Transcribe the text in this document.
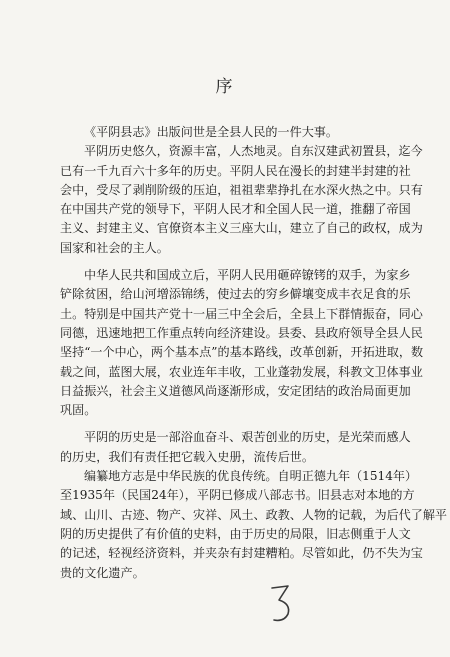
序
《平阴县志》出版问世是全县人民的一件大事。
平阴历史悠久，资源丰富，人杰地灵。自东汉建武初置县，迄今
已有一千九百六十多年的历史。平阴人民在漫长的封建半封建的社
会中，受尽了剥削阶级的压迫，祖祖辈辈挣扎在水深火热之中。只有
在中国共产党的领导下，平阴人民才和全国人民一道，推翻了帝国
主义、封建主义、官僚资本主义三座大山，建立了自己的政权，成为
国家和社会的主人。
中华人民共和国成立后，平阴人民用砸碎镣铐的双手，为家乡
铲除贫困，给山河增添锦绣，使过去的穷乡僻壤变成丰衣足食的乐
土。特别是中国共产党十一届三中全会后，全县上下群情振奋，同心
同德，迅速地把工作重点转向经济建设。县委、县政府领导全县人民
坚持“一个中心，两个基本点”的基本路线，改革创新，开拓进取，数
载之间，蓝图大展，农业连年丰收，工业蓬勃发展，科教文卫体事业
日益振兴，社会主义道德风尚逐渐形成，安定团结的政治局面更加
巩固。
平阴的历史是一部浴血奋斗、艰苦创业的历史，是光荣而感人
的历史，我们有责任把它载入史册，流传后世。
编纂地方志是中华民族的优良传统。自明正德九年（1514年）
至1935年（民国24年），平阴已修成八部志书。旧县志对本地的方
域、山川、古迹、物产、灾祥、风土、政教、人物的记载，为后代了解平
阴的历史提供了有价值的史料，由于历史的局限，旧志侧重于人文
的记述，轻视经济资料，并夹杂有封建糟粕。尽管如此，仍不失为宝
贵的文化遗产。
